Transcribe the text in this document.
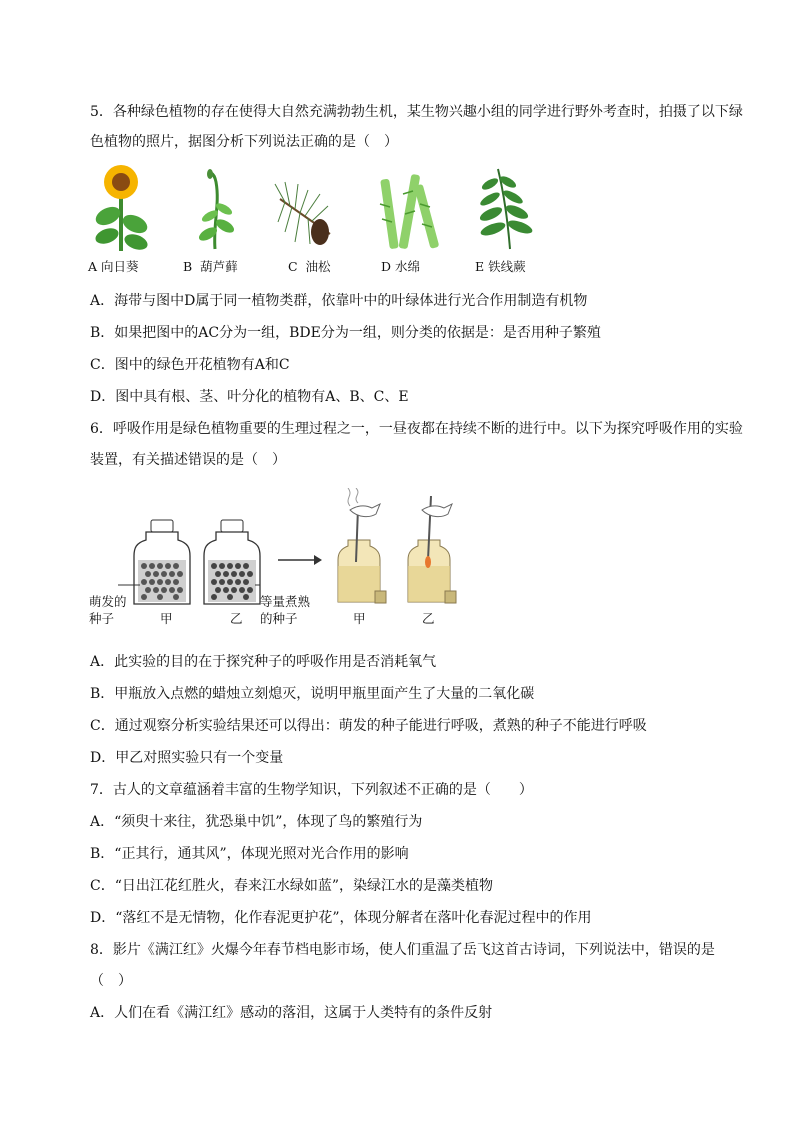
5．各种绿色植物的存在使得大自然充满勃勃生机，某生物兴趣小组的同学进行野外考查时，拍摄了以下绿
色植物的照片，据图分析下列说法正确的是（　）
A 向日葵	B 葫芦藓	C 油松	D 水绵	E 铁线蕨
A．海带与图中D属于同一植物类群，依靠叶中的叶绿体进行光合作用制造有机物
B．如果把图中的AC分为一组，BDE分为一组，则分类的依据是：是否用种子繁殖
C．图中的绿色开花植物有A和C
D．图中具有根、茎、叶分化的植物有A、B、C、E
6．呼吸作用是绿色植物重要的生理过程之一，一昼夜都在持续不断的进行中。以下为探究呼吸作用的实验
装置，有关描述错误的是（　）
萌发的
种子	甲	乙
等量煮熟
的种子	甲	乙
A．此实验的目的在于探究种子的呼吸作用是否消耗氧气
B．甲瓶放入点燃的蜡烛立刻熄灭，说明甲瓶里面产生了大量的二氧化碳
C．通过观察分析实验结果还可以得出：萌发的种子能进行呼吸，煮熟的种子不能进行呼吸
D．甲乙对照实验只有一个变量
7．古人的文章蕴涵着丰富的生物学知识，下列叙述不正确的是（　　）
A．“须臾十来往，犹恐巢中饥”，体现了鸟的繁殖行为
B．“正其行，通其风”，体现光照对光合作用的影响
C．“日出江花红胜火，春来江水绿如蓝”，染绿江水的是藻类植物
D．“落红不是无情物，化作春泥更护花”，体现分解者在落叶化春泥过程中的作用
8．影片《满江红》火爆今年春节档电影市场，使人们重温了岳飞这首古诗词，下列说法中，错误的是
（　）
A．人们在看《满江红》感动的落泪，这属于人类特有的条件反射
